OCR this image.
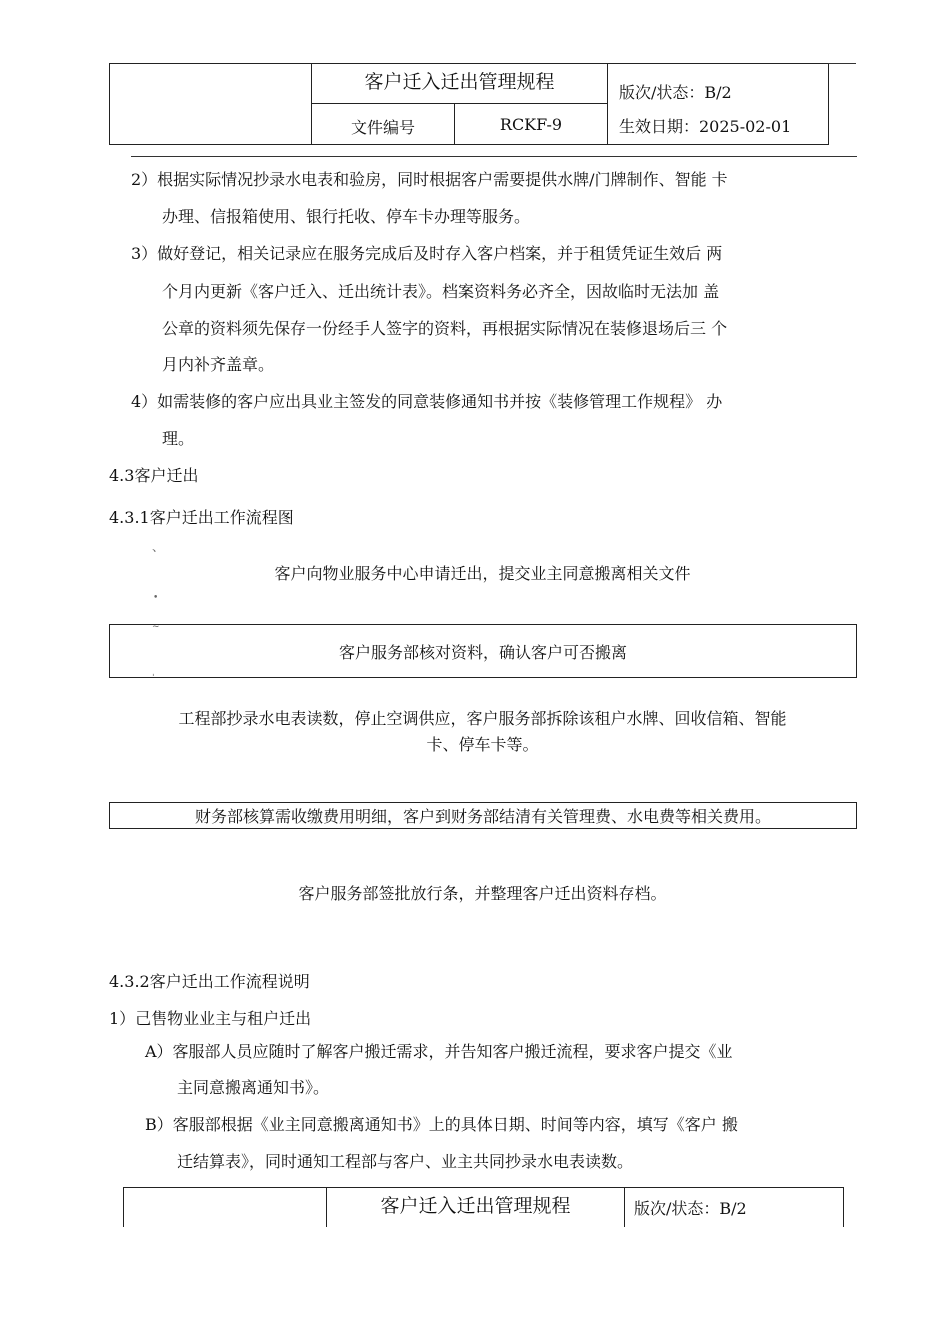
客户迁入迁出管理规程
文件编号	RCKF-9
版次/状态：B/2
生效日期：2025-02-01
2）根据实际情况抄录水电表和验房，同时根据客户需要提供水牌/门牌制作、智能 卡
办理、信报箱使用、银行托收、停车卡办理等服务。
3）做好登记，相关记录应在服务完成后及时存入客户档案，并于租赁凭证生效后 两
个月内更新《客户迁入、迁出统计表》。档案资料务必齐全，因故临时无法加 盖
公章的资料须先保存一份经手人签字的资料，再根据实际情况在装修退场后三 个
月内补齐盖章。
4）如需装修的客户应出具业主签发的同意装修通知书并按《装修管理工作规程》 办
理。
4.3客户迁出
4.3.1客户迁出工作流程图
、
客户向物业服务中心申请迁出，提交业主同意搬离相关文件
•
~
客户服务部核对资料，确认客户可否搬离
ˌ
工程部抄录水电表读数，停止空调供应，客户服务部拆除该租户水牌、回收信箱、智能
卡、停车卡等。
财务部核算需收缴费用明细，客户到财务部结清有关管理费、水电费等相关费用。
客户服务部签批放行条，并整理客户迁出资料存档。
4.3.2客户迁出工作流程说明
1）己售物业业主与租户迁出
A）客服部人员应随时了解客户搬迁需求，并告知客户搬迁流程，要求客户提交《业
主同意搬离通知书》。
B）客服部根据《业主同意搬离通知书》上的具体日期、时间等内容，填写《客户 搬
迁结算表》，同时通知工程部与客户、业主共同抄录水电表读数。
客户迁入迁出管理规程	版次/状态：B/2
